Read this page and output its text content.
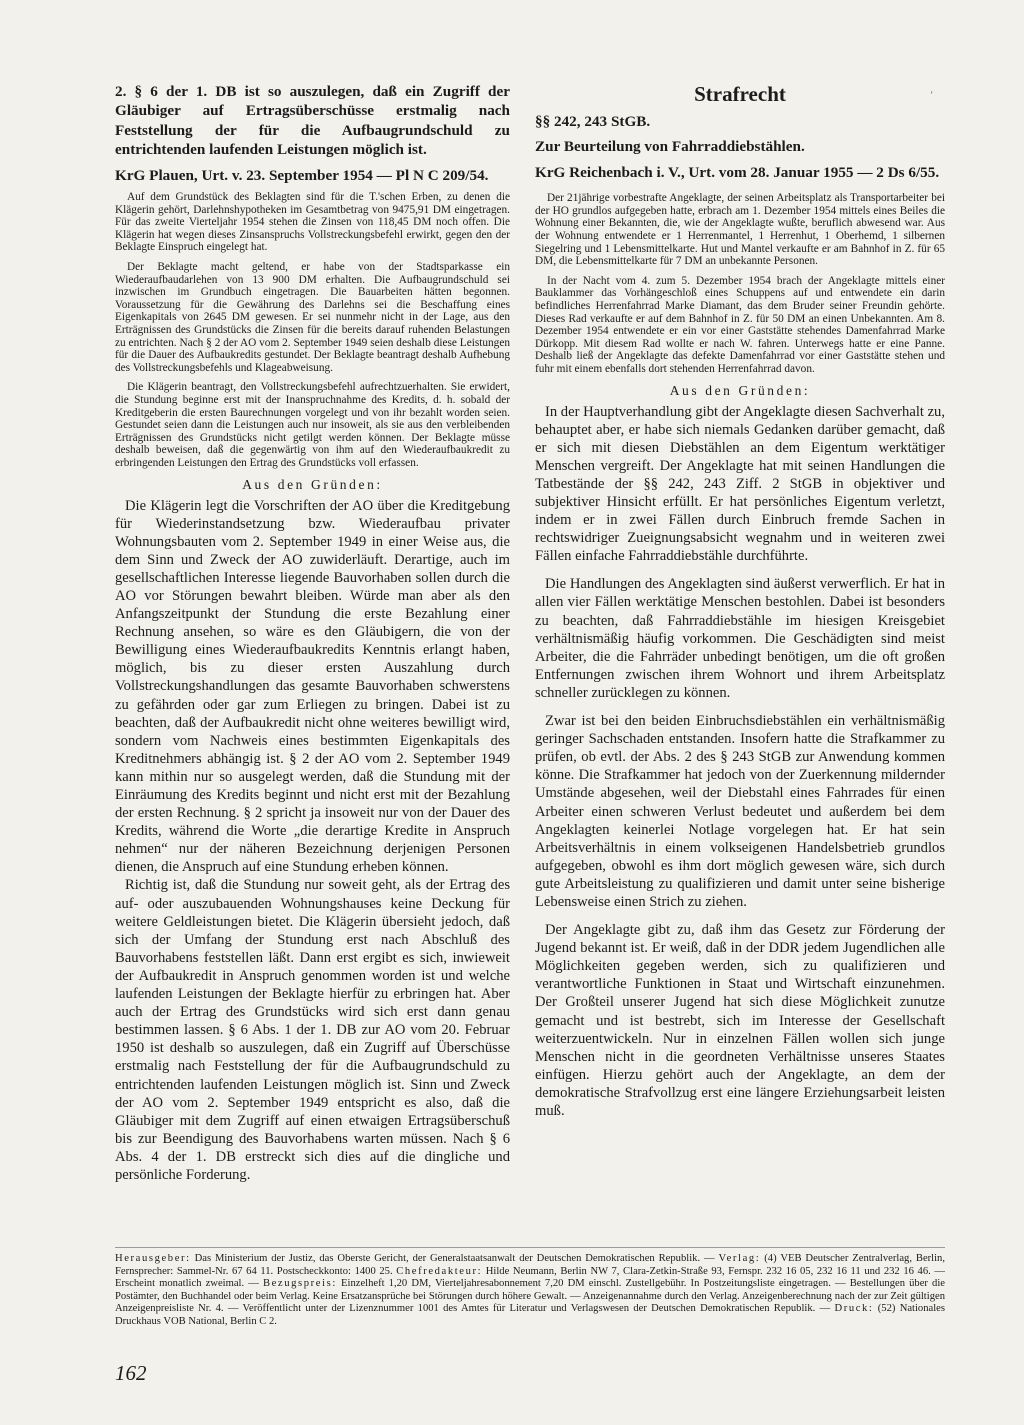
‘

2. § 6 der 1. DB ist so auszulegen, daß ein Zugriff der Gläubiger auf Ertragsüberschüsse erstmalig nach Feststellung der für die Aufbaugrundschuld zu entrichtenden laufenden Leistungen möglich ist.

KrG Plauen, Urt. v. 23. September 1954 — Pl N C 209/54.

Auf dem Grundstück des Beklagten sind für die T.'schen Erben, zu denen die Klägerin gehört, Darlehnshypotheken im Gesamtbetrag von 9475,91 DM eingetragen. Für das zweite Vierteljahr 1954 stehen die Zinsen von 118,45 DM noch offen. Die Klägerin hat wegen dieses Zinsanspruchs Vollstreckungsbefehl erwirkt, gegen den der Beklagte Einspruch eingelegt hat.

Der Beklagte macht geltend, er habe von der Stadtsparkasse ein Wiederaufbaudarlehen von 13 900 DM erhalten. Die Aufbaugrundschuld sei inzwischen im Grundbuch eingetragen. Die Bauarbeiten hätten begonnen. Voraussetzung für die Gewährung des Darlehns sei die Beschaffung eines Eigenkapitals von 2645 DM gewesen. Er sei nunmehr nicht in der Lage, aus den Erträgnissen des Grundstücks die Zinsen für die bereits darauf ruhenden Belastungen zu entrichten. Nach § 2 der AO vom 2. September 1949 seien deshalb diese Leistungen für die Dauer des Aufbaukredits gestundet. Der Beklagte beantragt deshalb Aufhebung des Vollstreckungsbefehls und Klageabweisung.

Die Klägerin beantragt, den Vollstreckungsbefehl aufrechtzuerhalten. Sie erwidert, die Stundung beginne erst mit der Inanspruchnahme des Kredits, d. h. sobald der Kreditgeberin die ersten Baurechnungen vorgelegt und von ihr bezahlt worden seien. Gestundet seien dann die Leistungen auch nur insoweit, als sie aus den verbleibenden Erträgnissen des Grundstücks nicht getilgt werden können. Der Beklagte müsse deshalb beweisen, daß die gegenwärtig von ihm auf den Wiederaufbaukredit zu erbringenden Leistungen den Ertrag des Grundstücks voll erfassen.

Aus den Gründen:

Die Klägerin legt die Vorschriften der AO über die Kreditgebung für Wiederinstandsetzung bzw. Wiederaufbau privater Wohnungsbauten vom 2. September 1949 in einer Weise aus, die dem Sinn und Zweck der AO zuwiderläuft. Derartige, auch im gesellschaftlichen Interesse liegende Bauvorhaben sollen durch die AO vor Störungen bewahrt bleiben. Würde man aber als den Anfangszeitpunkt der Stundung die erste Bezahlung einer Rechnung ansehen, so wäre es den Gläubigern, die von der Bewilligung eines Wiederaufbaukredits Kenntnis erlangt haben, möglich, bis zu dieser ersten Auszahlung durch Vollstreckungshandlungen das gesamte Bauvorhaben schwerstens zu gefährden oder gar zum Erliegen zu bringen. Dabei ist zu beachten, daß der Aufbaukredit nicht ohne weiteres bewilligt wird, sondern vom Nachweis eines bestimmten Eigenkapitals des Kreditnehmers abhängig ist. § 2 der AO vom 2. September 1949 kann mithin nur so ausgelegt werden, daß die Stundung mit der Einräumung des Kredits beginnt und nicht erst mit der Bezahlung der ersten Rechnung. § 2 spricht ja insoweit nur von der Dauer des Kredits, während die Worte „die derartige Kredite in Anspruch nehmen“ nur der näheren Bezeichnung derjenigen Personen dienen, die Anspruch auf eine Stundung erheben können.

Richtig ist, daß die Stundung nur soweit geht, als der Ertrag des auf- oder auszubauenden Wohnungshauses keine Deckung für weitere Geldleistungen bietet. Die Klägerin übersieht jedoch, daß sich der Umfang der Stundung erst nach Abschluß des Bauvorhabens feststellen läßt. Dann erst ergibt es sich, inwieweit der Aufbaukredit in Anspruch genommen worden ist und welche laufenden Leistungen der Beklagte hierfür zu erbringen hat. Aber auch der Ertrag des Grundstücks wird sich erst dann genau bestimmen lassen. § 6 Abs. 1 der 1. DB zur AO vom 20. Februar 1950 ist deshalb so auszulegen, daß ein Zugriff auf Überschüsse erstmalig nach Feststellung der für die Aufbaugrundschuld zu entrichtenden laufenden Leistungen möglich ist. Sinn und Zweck der AO vom 2. September 1949 entspricht es also, daß die Gläubiger mit dem Zugriff auf einen etwaigen Ertragsüberschuß bis zur Beendigung des Bauvorhabens warten müssen. Nach § 6 Abs. 4 der 1. DB erstreckt sich dies auf die dingliche und persönliche Forderung.

Strafrecht

§§ 242, 243 StGB.

Zur Beurteilung von Fahrraddiebstählen.

KrG Reichenbach i. V., Urt. vom 28. Januar 1955 — 2 Ds 6/55.

Der 21jährige vorbestrafte Angeklagte, der seinen Arbeitsplatz als Transportarbeiter bei der HO grundlos aufgegeben hatte, erbrach am 1. Dezember 1954 mittels eines Beiles die Wohnung einer Bekannten, die, wie der Angeklagte wußte, beruflich abwesend war. Aus der Wohnung entwendete er 1 Herrenmantel, 1 Herrenhut, 1 Oberhemd, 1 silbernen Siegelring und 1 Lebensmittelkarte. Hut und Mantel verkaufte er am Bahnhof in Z. für 65 DM, die Lebensmittelkarte für 7 DM an unbekannte Personen.

In der Nacht vom 4. zum 5. Dezember 1954 brach der Angeklagte mittels einer Bauklammer das Vorhängeschloß eines Schuppens auf und entwendete ein darin befindliches Herrenfahrrad Marke Diamant, das dem Bruder seiner Freundin gehörte. Dieses Rad verkaufte er auf dem Bahnhof in Z. für 50 DM an einen Unbekannten. Am 8. Dezember 1954 entwendete er ein vor einer Gaststätte stehendes Damenfahrrad Marke Dürkopp. Mit diesem Rad wollte er nach W. fahren. Unterwegs hatte er eine Panne. Deshalb ließ der Angeklagte das defekte Damenfahrrad vor einer Gaststätte stehen und fuhr mit einem ebenfalls dort stehenden Herrenfahrrad davon.

Aus den Gründen:

In der Hauptverhandlung gibt der Angeklagte diesen Sachverhalt zu, behauptet aber, er habe sich niemals Gedanken darüber gemacht, daß er sich mit diesen Diebstählen an dem Eigentum werktätiger Menschen vergreift. Der Angeklagte hat mit seinen Handlungen die Tatbestände der §§ 242, 243 Ziff. 2 StGB in objektiver und subjektiver Hinsicht erfüllt. Er hat persönliches Eigentum verletzt, indem er in zwei Fällen durch Einbruch fremde Sachen in rechtswidriger Zueignungsabsicht wegnahm und in weiteren zwei Fällen einfache Fahrraddiebstähle durchführte.

Die Handlungen des Angeklagten sind äußerst verwerflich. Er hat in allen vier Fällen werktätige Menschen bestohlen. Dabei ist besonders zu beachten, daß Fahrraddiebstähle im hiesigen Kreisgebiet verhältnismäßig häufig vorkommen. Die Geschädigten sind meist Arbeiter, die die Fahrräder unbedingt benötigen, um die oft großen Entfernungen zwischen ihrem Wohnort und ihrem Arbeitsplatz schneller zurücklegen zu können.

Zwar ist bei den beiden Einbruchsdiebstählen ein verhältnismäßig geringer Sachschaden entstanden. Insofern hatte die Strafkammer zu prüfen, ob evtl. der Abs. 2 des § 243 StGB zur Anwendung kommen könne. Die Strafkammer hat jedoch von der Zuerkennung mildernder Umstände abgesehen, weil der Diebstahl eines Fahrrades für einen Arbeiter einen schweren Verlust bedeutet und außerdem bei dem Angeklagten keinerlei Notlage vorgelegen hat. Er hat sein Arbeitsverhältnis in einem volkseigenen Handelsbetrieb grundlos aufgegeben, obwohl es ihm dort möglich gewesen wäre, sich durch gute Arbeitsleistung zu qualifizieren und damit unter seine bisherige Lebensweise einen Strich zu ziehen.

Der Angeklagte gibt zu, daß ihm das Gesetz zur Förderung der Jugend bekannt ist. Er weiß, daß in der DDR jedem Jugendlichen alle Möglichkeiten gegeben werden, sich zu qualifizieren und verantwortliche Funktionen in Staat und Wirtschaft einzunehmen. Der Großteil unserer Jugend hat sich diese Möglichkeit zunutze gemacht und ist bestrebt, sich im Interesse der Gesellschaft weiterzuentwickeln. Nur in einzelnen Fällen wollen sich junge Menschen nicht in die geordneten Verhältnisse unseres Staates einfügen. Hierzu gehört auch der Angeklagte, an dem der demokratische Strafvollzug erst eine längere Erziehungsarbeit leisten muß.

Herausgeber: Das Ministerium der Justiz, das Oberste Gericht, der Generalstaatsanwalt der Deutschen Demokratischen Republik. — Verlag: (4) VEB Deutscher Zentralverlag, Berlin, Fernsprecher: Sammel-Nr. 67 64 11. Postscheckkonto: 1400 25. Chefredakteur: Hilde Neumann, Berlin NW 7, Clara-Zetkin-Straße 93, Fernspr. 232 16 05, 232 16 11 und 232 16 46. — Erscheint monatlich zweimal. — Bezugspreis: Einzelheft 1,20 DM, Vierteljahresabonnement 7,20 DM einschl. Zustellgebühr. In Postzeitungsliste eingetragen. — Bestellungen über die Postämter, den Buchhandel oder beim Verlag. Keine Ersatzansprüche bei Störungen durch höhere Gewalt. — Anzeigenannahme durch den Verlag. Anzeigenberechnung nach der zur Zeit gültigen Anzeigenpreisliste Nr. 4. — Veröffentlicht unter der Lizenznummer 1001 des Amtes für Literatur und Verlagswesen der Deutschen Demokratischen Republik. — Druck: (52) Nationales Druckhaus VOB National, Berlin C 2.
162
